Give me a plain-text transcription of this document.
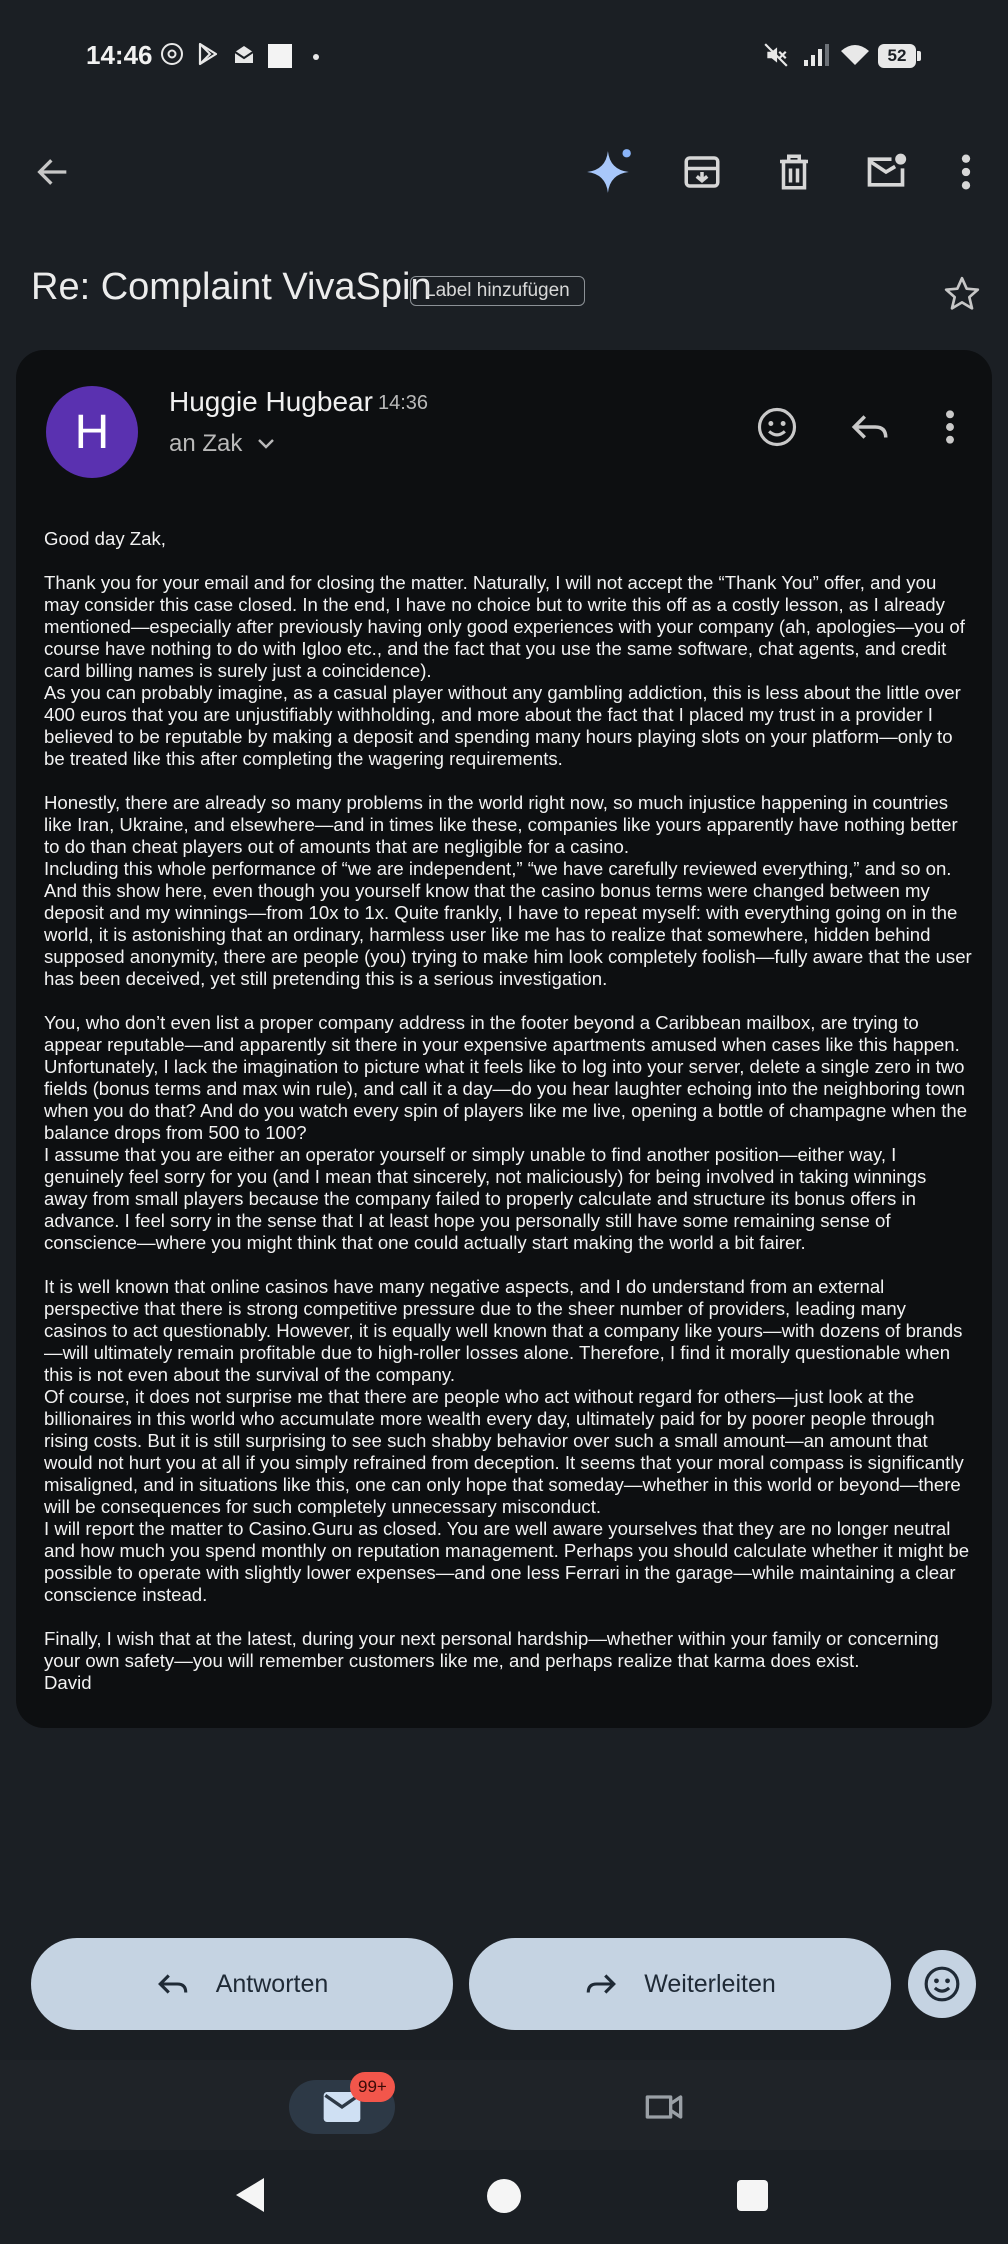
14:46	52
Re: Complaint VivaSpin
Label hinzufügen
H
Huggie Hugbear 14:36
an Zak

Good day Zak,

Thank you for your email and for closing the matter. Naturally, I will not accept the “Thank You” offer, and you may consider this case closed. In the end, I have no choice but to write this off as a costly lesson, as I already mentioned—especially after previously having only good experiences with your company (ah, apologies—you of course have nothing to do with Igloo etc., and the fact that you use the same software, chat agents, and credit card billing names is surely just a coincidence).

As you can probably imagine, as a casual player without any gambling addiction, this is less about the little over 400 euros that you are unjustifiably withholding, and more about the fact that I placed my trust in a provider I believed to be reputable by making a deposit and spending many hours playing slots on your platform—only to be treated like this after completing the wagering requirements.

Honestly, there are already so many problems in the world right now, so much injustice happening in countries like Iran, Ukraine, and elsewhere—and in times like these, companies like yours apparently have nothing better to do than cheat players out of amounts that are negligible for a casino.

Including this whole performance of “we are independent,” “we have carefully reviewed everything,” and so on. And this show here, even though you yourself know that the casino bonus terms were changed between my deposit and my winnings—from 10x to 1x. Quite frankly, I have to repeat myself: with everything going on in the world, it is astonishing that an ordinary, harmless user like me has to realize that somewhere, hidden behind supposed anonymity, there are people (you) trying to make him look completely foolish—fully aware that the user has been deceived, yet still pretending this is a serious investigation.

You, who don’t even list a proper company address in the footer beyond a Caribbean mailbox, are trying to appear reputable—and apparently sit there in your expensive apartments amused when cases like this happen. Unfortunately, I lack the imagination to picture what it feels like to log into your server, delete a single zero in two fields (bonus terms and max win rule), and call it a day—do you hear laughter echoing into the neighboring town when you do that? And do you watch every spin of players like me live, opening a bottle of champagne when the balance drops from 500 to 100?

I assume that you are either an operator yourself or simply unable to find another position—either way, I genuinely feel sorry for you (and I mean that sincerely, not maliciously) for being involved in taking winnings away from small players because the company failed to properly calculate and structure its bonus offers in advance. I feel sorry in the sense that I at least hope you personally still have some remaining sense of conscience—where you might think that one could actually start making the world a bit fairer.

It is well known that online casinos have many negative aspects, and I do understand from an external perspective that there is strong competitive pressure due to the sheer number of providers, leading many casinos to act questionably. However, it is equally well known that a company like yours—with dozens of brands—will ultimately remain profitable due to high-roller losses alone. Therefore, I find it morally questionable when this is not even about the survival of the company.

Of course, it does not surprise me that there are people who act without regard for others—just look at the billionaires in this world who accumulate more wealth every day, ultimately paid for by poorer people through rising costs. But it is still surprising to see such shabby behavior over such a small amount—an amount that would not hurt you at all if you simply refrained from deception. It seems that your moral compass is significantly misaligned, and in situations like this, one can only hope that someday—whether in this world or beyond—there will be consequences for such completely unnecessary misconduct.

I will report the matter to Casino.Guru as closed. You are well aware yourselves that they are no longer neutral and how much you spend monthly on reputation management. Perhaps you should calculate whether it might be possible to operate with slightly lower expenses—and one less Ferrari in the garage—while maintaining a clear conscience instead.

Finally, I wish that at the latest, during your next personal hardship—whether within your family or concerning your own safety—you will remember customers like me, and perhaps realize that karma does exist.

David

Antworten	Weiterleiten
99+
